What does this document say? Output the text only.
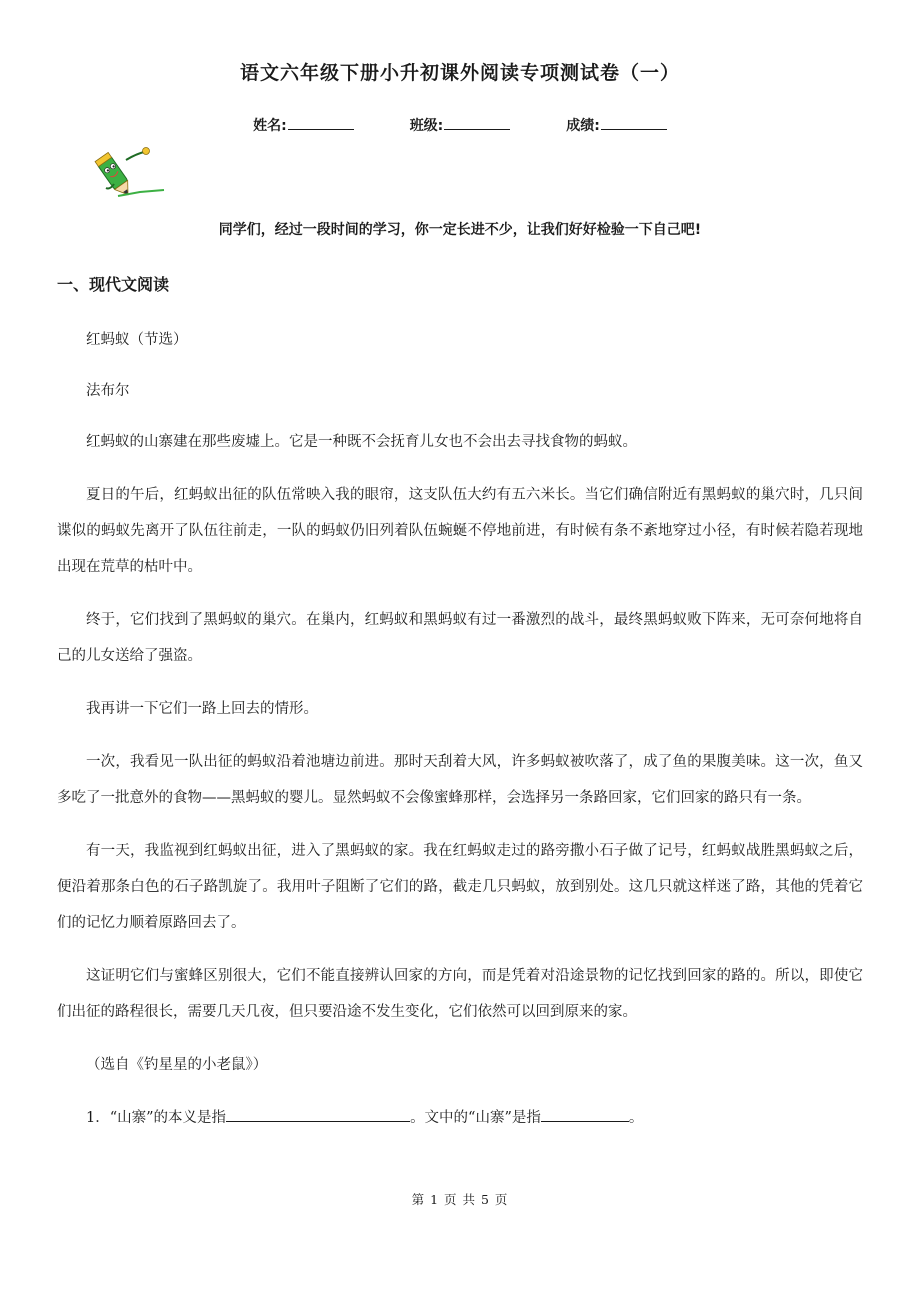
语文六年级下册小升初课外阅读专项测试卷（一）
姓名:	班级:	成绩:
同学们，经过一段时间的学习，你一定长进不少，让我们好好检验一下自己吧!
一、现代文阅读

红蚂蚁（节选）

法布尔

红蚂蚁的山寨建在那些废墟上。它是一种既不会抚育儿女也不会出去寻找食物的蚂蚁。

夏日的午后，红蚂蚁出征的队伍常映入我的眼帘，这支队伍大约有五六米长。当它们确信附近有黑蚂蚁的巢穴时，几只间谍似的蚂蚁先离开了队伍往前走，一队的蚂蚁仍旧列着队伍蜿蜒不停地前进，有时候有条不紊地穿过小径，有时候若隐若现地出现在荒草的枯叶中。

终于，它们找到了黑蚂蚁的巢穴。在巢内，红蚂蚁和黑蚂蚁有过一番激烈的战斗，最终黑蚂蚁败下阵来，无可奈何地将自己的儿女送给了强盗。

我再讲一下它们一路上回去的情形。

一次，我看见一队出征的蚂蚁沿着池塘边前进。那时天刮着大风，许多蚂蚁被吹落了，成了鱼的果腹美味。这一次，鱼又多吃了一批意外的食物——黑蚂蚁的婴儿。显然蚂蚁不会像蜜蜂那样，会选择另一条路回家，它们回家的路只有一条。

有一天，我监视到红蚂蚁出征，进入了黑蚂蚁的家。我在红蚂蚁走过的路旁撒小石子做了记号，红蚂蚁战胜黑蚂蚁之后，便沿着那条白色的石子路凯旋了。我用叶子阻断了它们的路，截走几只蚂蚁，放到别处。这几只就这样迷了路，其他的凭着它们的记忆力顺着原路回去了。

这证明它们与蜜蜂区别很大，它们不能直接辨认回家的方向，而是凭着对沿途景物的记忆找到回家的路的。所以，即使它们出征的路程很长，需要几天几夜，但只要沿途不发生变化，它们依然可以回到原来的家。

（选自《钓星星的小老鼠》）

1．“山寨”的本义是指	。文中的“山寨”是指	。
第 1 页 共 5 页
